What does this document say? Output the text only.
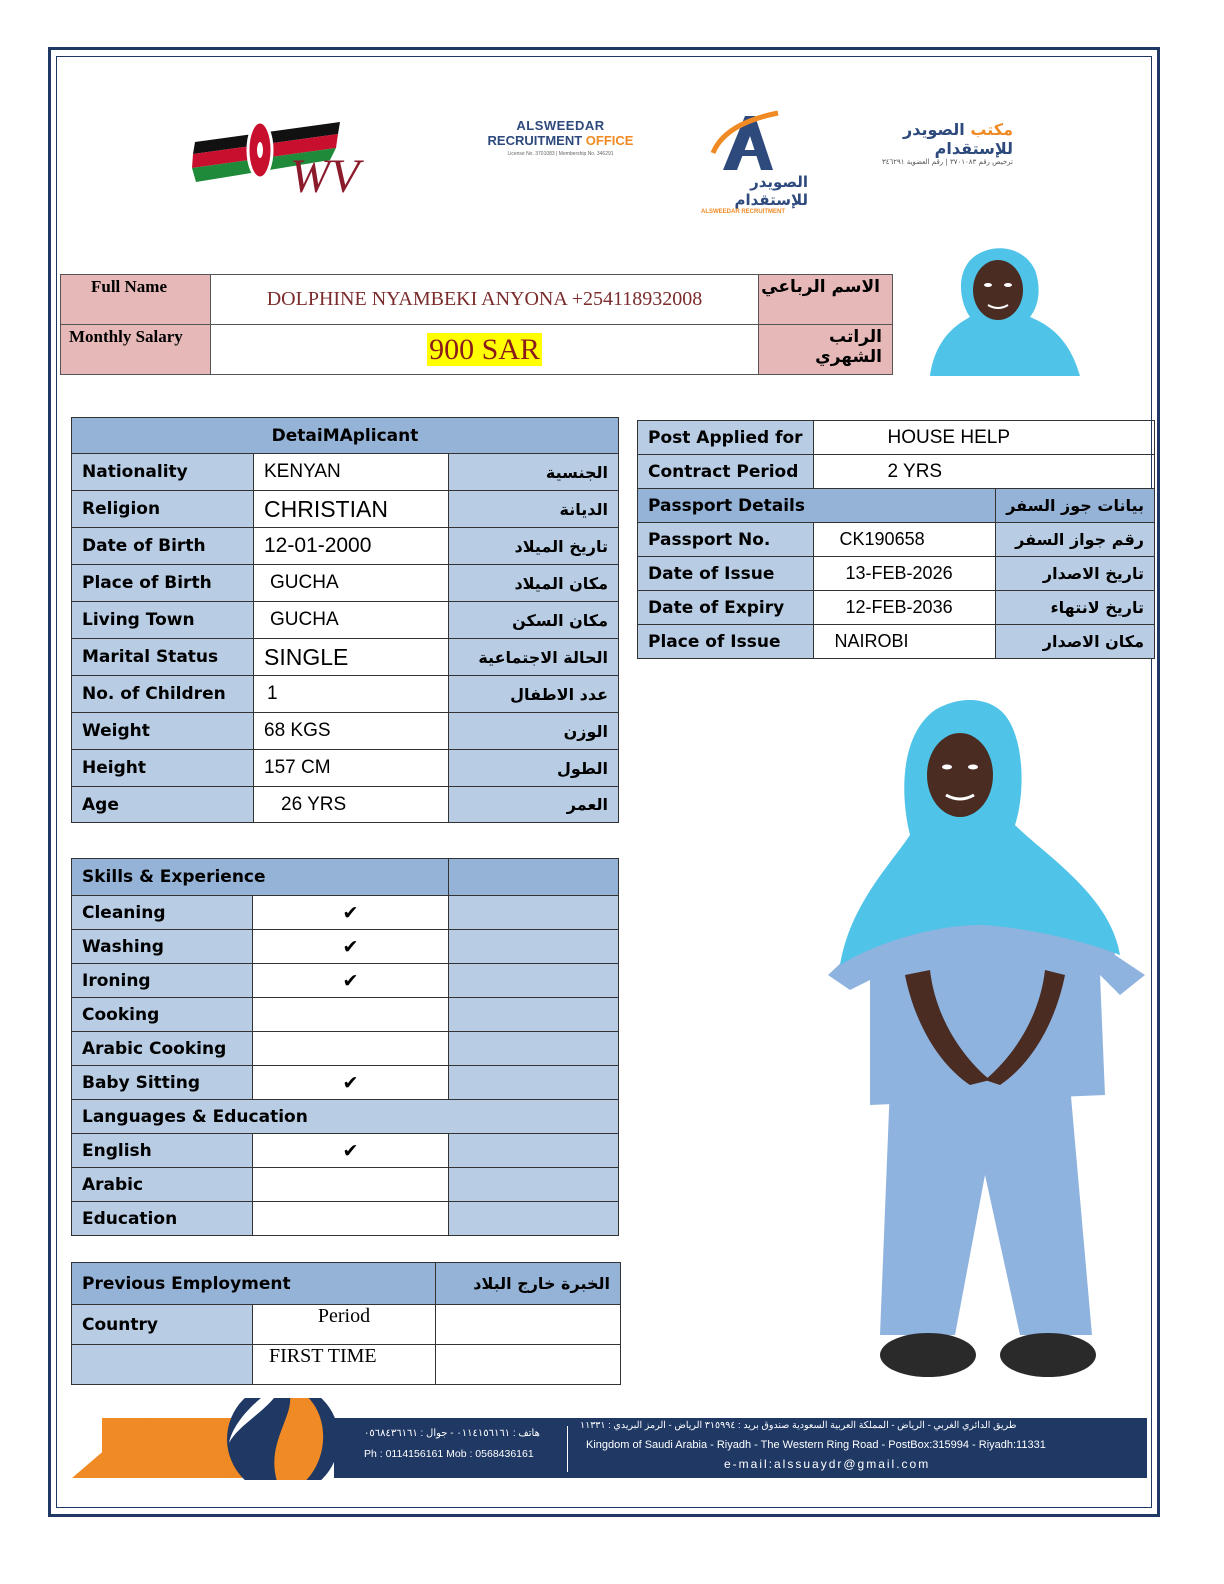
WV
ALSWEEDAR
RECRUITMENT OFFICE
License No. 3701083 | Membership No. 346291
الصويدر للإستقدام
ALSWEEDAR RECRUITMENT
مكتب الصويدر للإستقدام
ترخيص رقم ٣٧٠١٠٨٣ | رقم العضوية ٣٤٦٢٩١
Full Name	DOLPHINE NYAMBEKI ANYONA +254118932008	الاسم الرباعي
Monthly Salary	900 SAR	الراتب الشهري
DetaiMAplicant		
Nationality	KENYAN	الجنسية
Religion	CHRISTIAN	الديانة
Date of Birth	12-01-2000	تاريخ الميلاد
Place of Birth	GUCHA	مكان الميلاد
Living Town	GUCHA	مكان السكن
Marital Status	SINGLE	الحالة الاجتماعية
No. of Children	1	عدد الاطفال
Weight	68 KGS	الوزن
Height	157 CM	الطول
Age	26 YRS	العمر
Post Applied for	HOUSE HELP	
Contract Period	2 YRS	
Passport Details		بيانات جوز السفر
Passport No.	CK190658	رقم جواز السفر
Date of Issue	13-FEB-2026	تاريخ الاصدار
Date of Expiry	12-FEB-2036	تاريخ لانتهاء
Place of Issue	NAIROBI	مكان الاصدار
Skills & Experience		
Cleaning	✔	
Washing	✔	
Ironing	✔	
Cooking		
Arabic Cooking		
Baby Sitting	✔	
Languages & Education		
English	✔	
Arabic		
Education		
Previous Employment		الخبرة خارج البلاد
Country	Period	
	FIRST TIME	
هاتف : ٠١١٤١٥٦١٦١ - جوال : ٠٥٦٨٤٣٦١٦١
Ph : 0114156161 Mob : 0568436161
طريق الدائري الغربي - الرياض - المملكة العربية السعودية صندوق بريد : ٣١٥٩٩٤ الرياض - الرمز البريدي : ١١٣٣١
Kingdom of Saudi Arabia - Riyadh - The Western Ring Road - PostBox:315994 - Riyadh:11331
e-mail:alssuaydr@gmail.com
